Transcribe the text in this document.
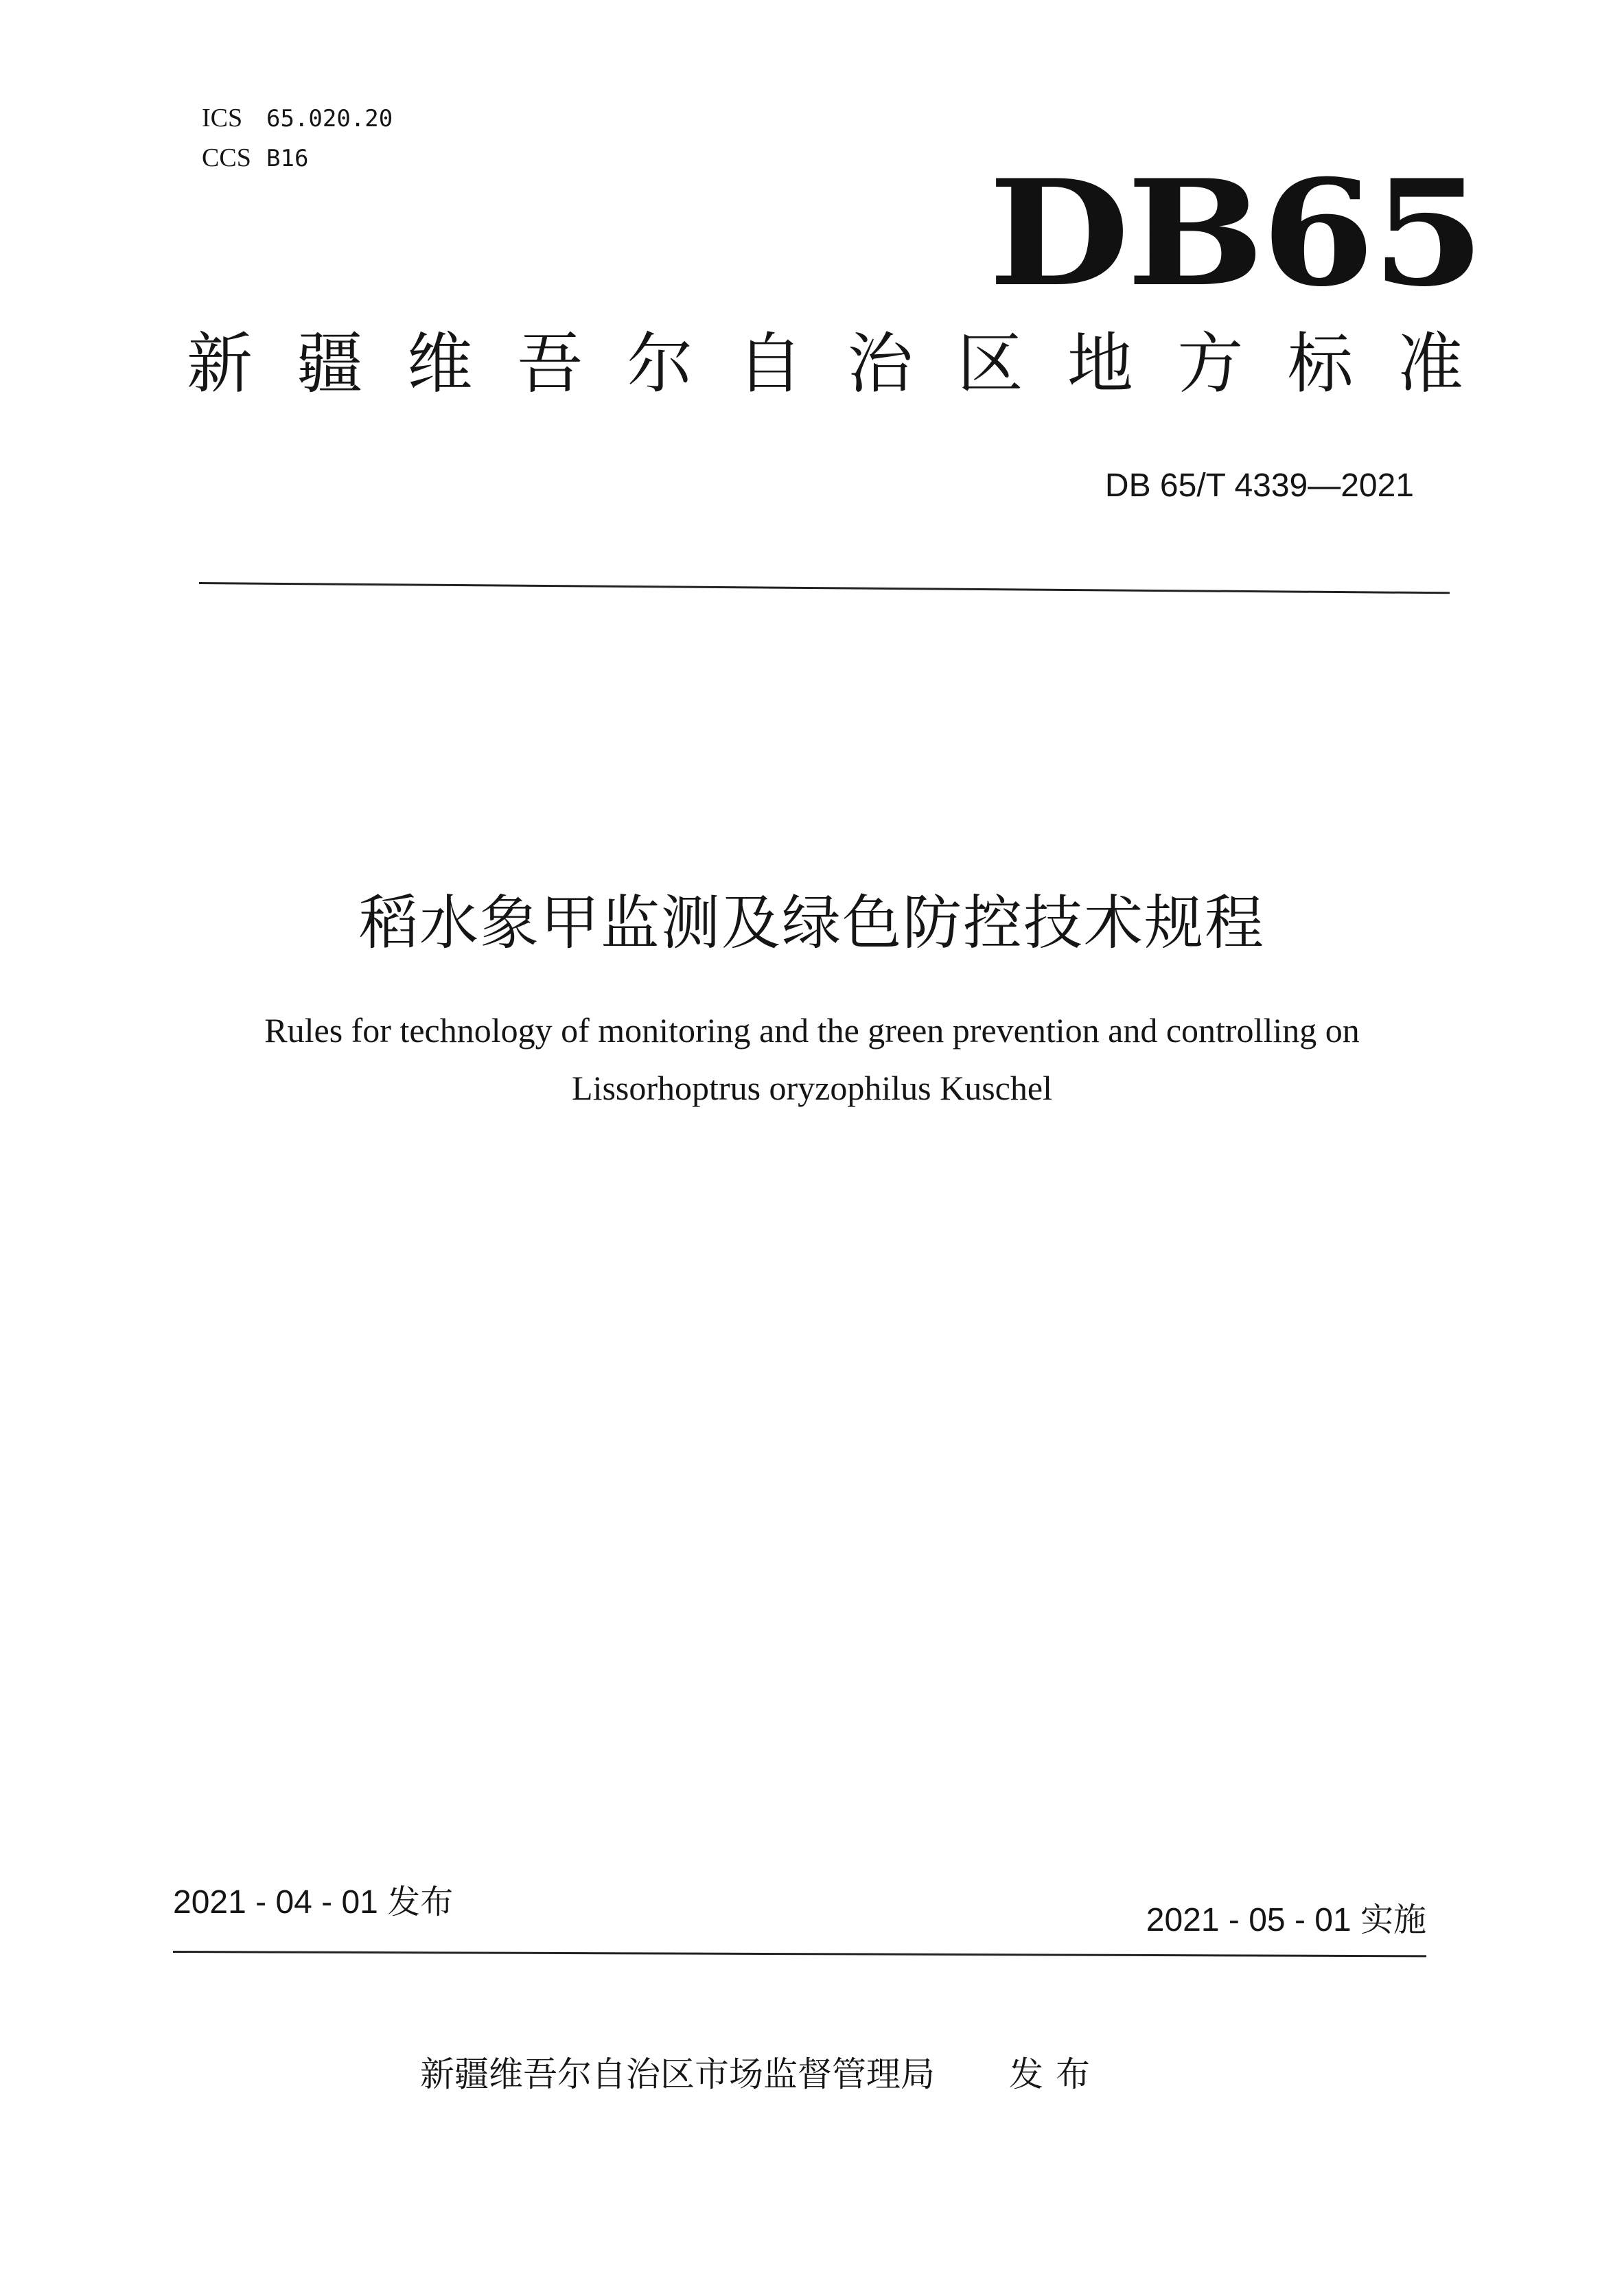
ICS 65.020.20
CCS B16	DB65
新 疆 维 吾 尔 自 治 区 地 方 标 准
DB 65/T 4339—2021
稻水象甲监测及绿色防控技术规程
Rules for technology of monitoring and the green prevention and controlling on
Lissorhoptrus oryzophilus Kuschel
2021 - 04 - 01 发布	2021 - 05 - 01 实施
新疆维吾尔自治区市场监督管理局 发布
